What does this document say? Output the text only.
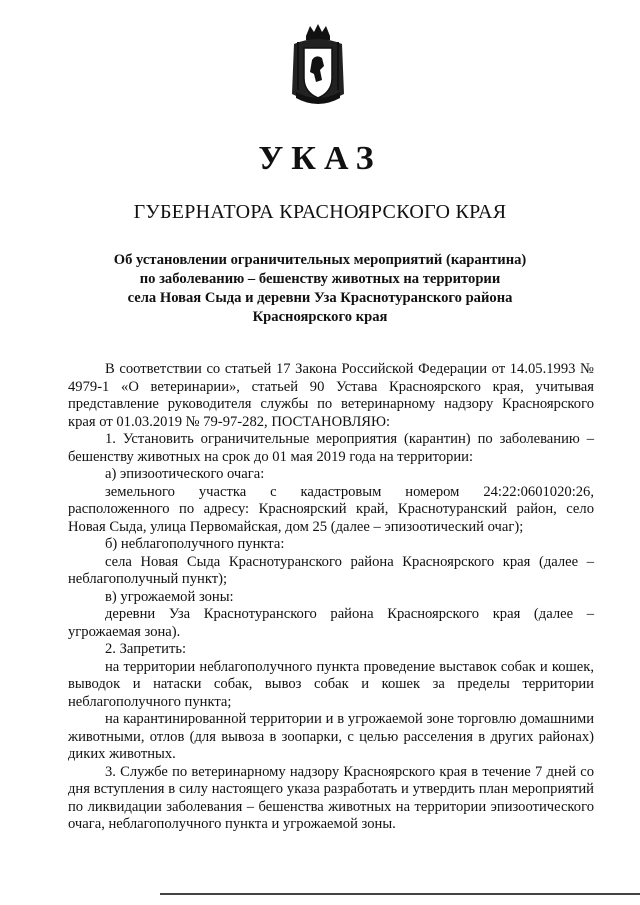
УКАЗ
ГУБЕРНАТОРА КРАСНОЯРСКОГО КРАЯ
Об установлении ограничительных мероприятий (карантина)
по заболеванию – бешенству животных на территории
села Новая Сыда и деревни Уза Краснотуранского района
Красноярского края
В соответствии со статьей 17 Закона Российской Федерации от 14.05.1993 № 4979-1 «О ветеринарии», статьей 90 Устава Красноярского края, учитывая представление руководителя службы по ветеринарному надзору Красноярского края от 01.03.2019 № 79-97-282, ПОСТАНОВЛЯЮ:
1. Установить ограничительные мероприятия (карантин) по заболеванию – бешенству животных на срок до 01 мая 2019 года на территории:
а) эпизоотического очага:
земельного участка с кадастровым номером 24:22:0601020:26, расположенного по адресу: Красноярский край, Краснотуранский район, село Новая Сыда, улица Первомайская, дом 25 (далее – эпизоотический очаг);
б) неблагополучного пункта:
села Новая Сыда Краснотуранского района Красноярского края (далее – неблагополучный пункт);
в) угрожаемой зоны:
деревни Уза Краснотуранского района Красноярского края (далее – угрожаемая зона).
2. Запретить:
на территории неблагополучного пункта проведение выставок собак и кошек, выводок и натаски собак, вывоз собак и кошек за пределы территории неблагополучного пункта;
на карантинированной территории и в угрожаемой зоне торговлю домашними животными, отлов (для вывоза в зоопарки, с целью расселения в других районах) диких животных.
3. Службе по ветеринарному надзору Красноярского края в течение 7 дней со дня вступления в силу настоящего указа разработать и утвердить план мероприятий по ликвидации заболевания – бешенства животных на территории эпизоотического очага, неблагополучного пункта и угрожаемой зоны.
